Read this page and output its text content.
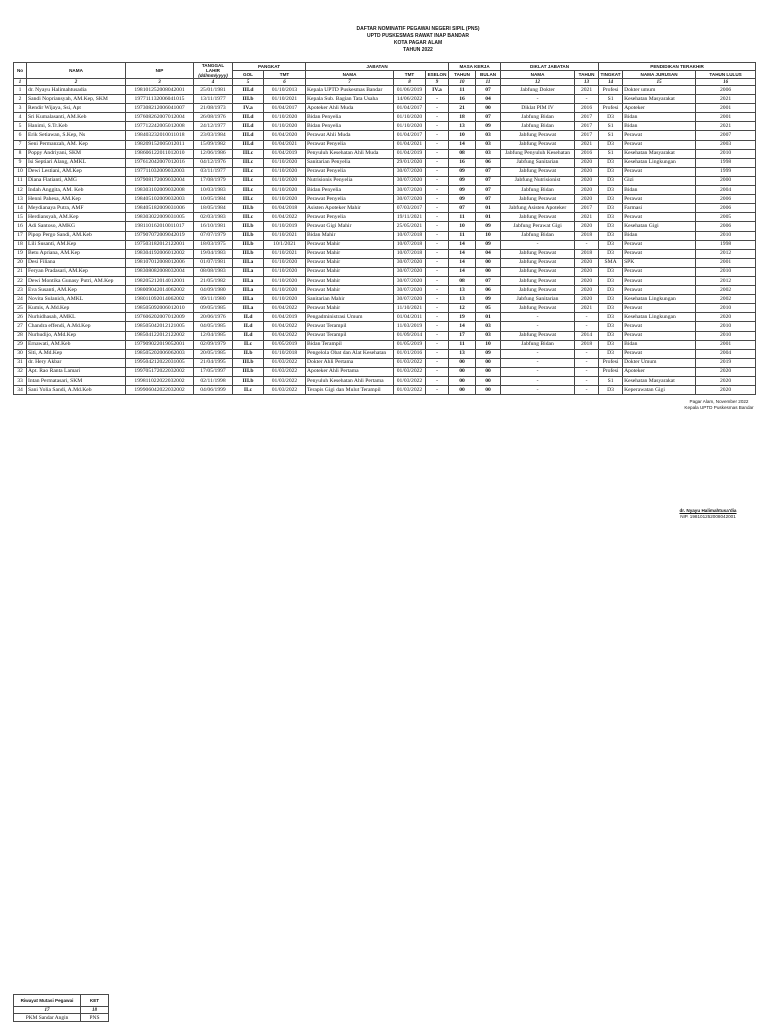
DAFTAR NOMINATIF PEGAWAI NEGERI SIPIL (PNS)
UPTD PUSKESMAS RAWAT INAP BANDAR
KOTA PAGAR ALAM
TAHUN 2022
No	NAMA	NIP	TANGGAL
LAHIR
(dd/mm/yyyy)	PANGKAT		JABATAN			MASA KERJA		DIKLAT JABATAN		PENDIDIKAN TERAKHIR		
				GOL	TMT	NAMA	TMT	ESELON	TAHUN	BULAN	NAMA	TAHUN	TINGKAT	NAMA JURUSAN	TAHUN LULUS
1	2	3	4	5	6	7	8	9	10	11	12	13	14	15	16
1	dr. Nyayu Halimahtusadia	198101252008042001	25/01/1981	III.d	01/10/2013	Kepala UPTD Puskesmas Bandar	01/06/2019	IV.a	11	07	Jabfung Dokter	2021	Profesi	Dokter umum	2006
2	Sandi Nopriansyah, AM.Kep, SKM	197711132006041015	13/11/1977	III.b	01/10/2021	Kepala Sub. Bagian Tata Usaha	14/06/2022	-	16	04	-	-	S1	Kesehatan Masyarakat	2021
3	Rendir Wijaya, Ssi, Apt	197308212006041007	21/08/1973	IV.a	01/04/2017	Apoteker Ahli Muda	01/04/2017	-	21	00	Diklat PIM IV	2016	Profesi	Apoteker	2001
4	Sri Kumalasanti, AM.Keb	197608262007012004	26/08/1976	III.d	01/10/2020	Bidan Penyelia	01/10/2020	-	18	07	Jabfung Bidan	2017	D3	Bidan	2001
5	Hanimi, S.Tr.Keb	197712242005012008	24/12/1977	III.d	01/10/2020	Bidan Penyelia	01/10/2020	-	13	09	Jabfung Bidan	2017	S1	Bidan	2021
6	Erik Setiawan, S.Kep, Ns	198403232010011018	23/03/1984	III.d	01/04/2020	Perawat Ahli Muda	01/04/2017	-	10	03	Jabfung Perawat	2017	S1	Perawat	2007
7	Seni Permanzah, AM. Kep	198209152005012011	15/09/1982	III.d	01/04/2021	Perawat Penyelia	01/04/2021	-	14	03	Jabfung Perawat	2021	D3	Perawat	2003
8	Poppy Andriyani, SKM	198606122011012010	12/06/1986	III.c	01/04/2019	Penyuluh Kesehatan Ahli Muda	01/04/2019	-	08	03	Jabfung Penyuluh Kesehatan	2016	S1	Kesehatan Masyarakat	2010
9	Isi Septiari Alang, AMKL	197612042007012016	04/12/1976	III.c	01/10/2020	Sanitarian Penyelia	29/01/2020	-	16	06	Jabfung Sanitarian	2020	D3	Kesehatan Lingkungan	1998
10	Dewi Lestiani, AM.Kep	197711032009032003	03/11/1977	III.c	01/10/2020	Perawat Penyelia	30/07/2020	-	09	07	Jabfung Perawat	2020	D3	Perawat	1999
11	Diana Flatianti, AMG	197908172009032004	17/08/1979	III.c	01/10/2020	Nutrisionis Penyelia	30/07/2020	-	09	07	Jabfung Nutrisionist	2020	D3	Gizi	2000
12	Indah Anggita, AM. Keb	198303102009032008	10/03/1983	III.c	01/10/2020	Bidan Penyelia	30/07/2020	-	09	07	Jabfung Bidan	2020	D3	Bidan	2004
13	Henni Pahesa, AM.Kep	198405102009032003	10/05/1984	III.c	01/10/2020	Perawat Penyelia	30/07/2020	-	09	07	Jabfung Perawat	2020	D3	Perawat	2006
14	Meydianaya Putra, AMF	198405182009031006	18/05/1984	III.b	01/04/2018	Asisten Apoteker Mahir	07/03/2017	-	07	01	Jabfung Asisten Apoteker	2017	D3	Farmasi	2006
15	Herdiansyah, AM.Kep	198303022009031005	02/03/1983	III.c	01/04/2022	Perawat Penyelia	19/11/2021	-	11	01	Jabfung Perawat	2021	D3	Perawat	2005
16	Adi Santoso, AMKG	198110162010011017	16/10/1981	III.b	01/10/2019	Perawat Gigi Mahir	25/05/2021	-	10	09	Jabfung Perawat Gigi	2020	D3	Kesehatan Gigi	2006
17	Pipop Pergo Sandi, AM.Keb	197907072009042019	07/07/1979	III.b	01/10/2021	Bidan Mahir	10/07/2018	-	11	10	Jabfung Bidan	2018	D3	Bidan	2010
18	Lili Susanti, AM.Kep	197503182012122001	18/03/1975	III.b	10/1/2021	Perawat Mahir	10/07/2018	-	14	09	-	-	D3	Perawat	1998
19	Betu Apriana, AM.Kep	198304192006012002	19/04/1983	III.b	01/10/2021	Perawat Mahir	10/07/2018	-	14	04	Jabfung Perawat	2018	D3	Perawat	2012
20	Desi Filiana	198107012008012006	01/07/1981	III.a	01/10/2020	Perawat Mahir	30/07/2020	-	14	00	Jabfung Perawat	2020	SMA	SPK	2001
21	Feryan Pradasari, AM.Kep	198308082008032004	08/08/1983	III.a	01/10/2020	Perawat Mahir	30/07/2020	-	14	00	Jabfung Perawat	2020	D3	Perawat	2010
22	Dewi Montika Gunasy Putri, AM.Kep	198205212014012001	21/05/1982	III.a	01/10/2020	Perawat Mahir	30/07/2020	-	08	07	Jabfung Perawat	2020	D3	Perawat	2012
23	Eva Susanti, AM.Kep	198009042014062002	04/09/1980	III.a	01/10/2020	Perawat Mahir	30/07/2020	-	13	06	Jabfung Perawat	2020	D3	Perawat	2002
24	Novita Sulanich, AMKL	198011092014062002	09/11/1980	III.a	01/10/2020	Sanitarian Mahir	30/07/2020	-	13	09	Jabfung Sanitarian	2020	D3	Kesehatan Lingkungan	2002
25	Kumis, A.Md.Kep	198505092006012010	09/05/1985	III.a	01/04/2022	Perawat Mahir	11/10/2021	-	12	05	Jabfung Perawat	2021	D3	Perawat	2010
26	Nurhidhasah, AMKL	197606202007012009	20/06/1976	II.d	01/04/2019	Pengadministrasi Umum	01/04/2011	-	19	01	-	-	D3	Kesehatan Lingkungan	2020
27	Chandra effendi, A.Md.Kep	198505042012121005	04/05/1985	II.d	01/04/2022	Perawat Terampil	11/03/2019	-	14	03	-	-	D3	Perawat	2010
28	Nurhudijo, AMd.Kep	198504122012122002	12/04/1985	II.d	01/04/2022	Perawat Terampil	01/09/2014	-	17	03	Jabfung Perawat	2014	D3	Perawat	2010
29	Ernawati, AM.Keb	197909022019052001	02/09/1979	II.c	01/05/2019	Bidan Terampil	01/05/2019	-	11	10	Jabfung Bidan	2018	D3	Bidan	2001
30	Siti, A.Md.Kep	198505202006062003	20/05/1985	II.b	01/10/2018	Pengelola Obat dan Alat Kesehatan	01/01/2016	-	13	09	-	-	D3	Perawat	2004
31	dr. Hery Akbar	199504212022031005	21/04/1995	III.b	01/03/2022	Dokter Ahli Pertama	01/03/2022	-	00	00	-	-	Profesi	Dokter Umum	2019
32	Apt. Rao Ranta Lamari	199705172022032002	17/05/1997	III.b	01/03/2022	Apoteker Ahli Pertama	01/03/2022	-	00	00	-	-	Profesi	Apoteker	2020
33	Intan Permatasari, SKM	199811022022032002	02/11/1998	III.b	01/03/2022	Penyuluh Kesehatan Ahli Pertama	01/03/2022	-	00	00	-	-	S1	Kesehatan Masyarakat	2020
34	Sani Yolia Sandi, A.Md.Keb	199906042022032002	04/06/1999	II.c	01/03/2022	Terapis Gigi dan Mulut Terampil	01/03/2022	-	00	00	-	-	D3	Keperawatan Gigi	2020
Pagar Alam, November 2022
Kepala UPTD Puskesmas Bandar
dr. Nyayu Halimahtusa'dia
NIP. 198101252008042001
Riwayat Mutasi Pegawai	KET
17	18
PKM Sandar Angin	PNS
